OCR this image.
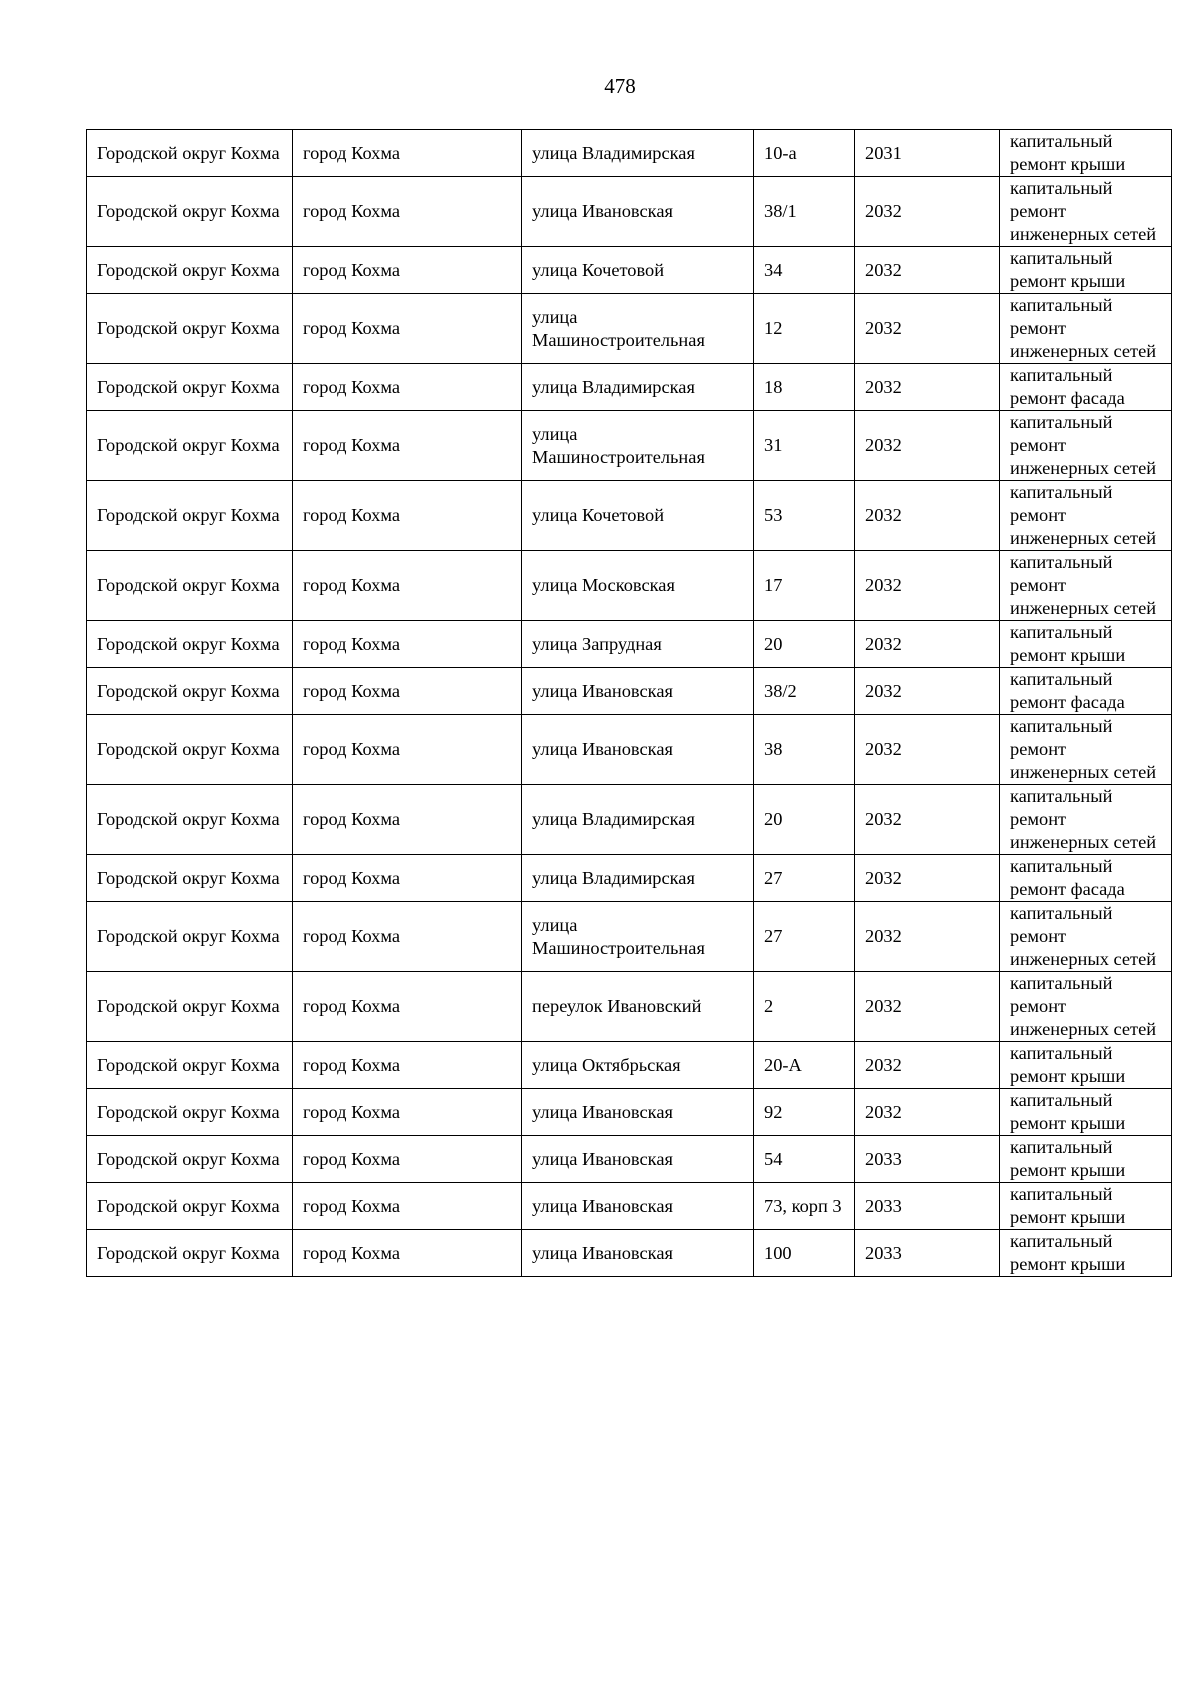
478
Городской округ Кохма	город Кохма	улица Владимирская	10-а	2031	капитальный ремонт крыши
Городской округ Кохма	город Кохма	улица Ивановская	38/1	2032	капитальный ремонт инженерных сетей
Городской округ Кохма	город Кохма	улица Кочетовой	34	2032	капитальный ремонт крыши
Городской округ Кохма	город Кохма	улица Машиностроительная	12	2032	капитальный ремонт инженерных сетей
Городской округ Кохма	город Кохма	улица Владимирская	18	2032	капитальный ремонт фасада
Городской округ Кохма	город Кохма	улица Машиностроительная	31	2032	капитальный ремонт инженерных сетей
Городской округ Кохма	город Кохма	улица Кочетовой	53	2032	капитальный ремонт инженерных сетей
Городской округ Кохма	город Кохма	улица Московская	17	2032	капитальный ремонт инженерных сетей
Городской округ Кохма	город Кохма	улица Запрудная	20	2032	капитальный ремонт крыши
Городской округ Кохма	город Кохма	улица Ивановская	38/2	2032	капитальный ремонт фасада
Городской округ Кохма	город Кохма	улица Ивановская	38	2032	капитальный ремонт инженерных сетей
Городской округ Кохма	город Кохма	улица Владимирская	20	2032	капитальный ремонт инженерных сетей
Городской округ Кохма	город Кохма	улица Владимирская	27	2032	капитальный ремонт фасада
Городской округ Кохма	город Кохма	улица Машиностроительная	27	2032	капитальный ремонт инженерных сетей
Городской округ Кохма	город Кохма	переулок Ивановский	2	2032	капитальный ремонт инженерных сетей
Городской округ Кохма	город Кохма	улица Октябрьская	20-А	2032	капитальный ремонт крыши
Городской округ Кохма	город Кохма	улица Ивановская	92	2032	капитальный ремонт крыши
Городской округ Кохма	город Кохма	улица Ивановская	54	2033	капитальный ремонт крыши
Городской округ Кохма	город Кохма	улица Ивановская	73, корп 3	2033	капитальный ремонт крыши
Городской округ Кохма	город Кохма	улица Ивановская	100	2033	капитальный ремонт крыши
